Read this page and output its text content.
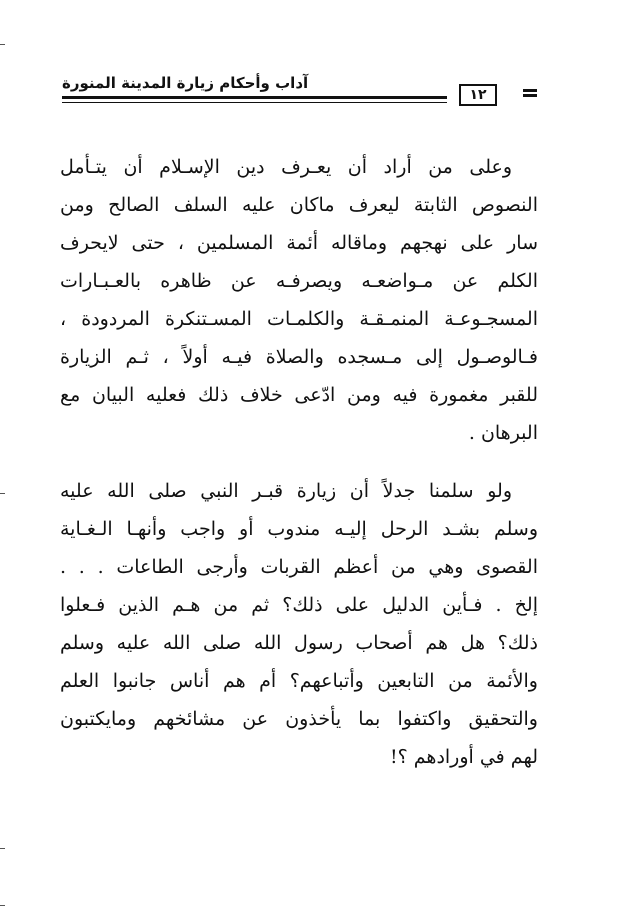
آداب وأحكام زيارة المدينة المنورة
١٢

وعلى من أراد أن يعـرف دين الإسـلام أن يتـأمل
النصوص الثابتة ليعرف ماكان عليه السلف الصالح ومن
سار على نهجهم وماقاله أئمة المسلمين ، حتى لايحرف
الكلم عن مـواضعـه ويصرفـه عن ظاهره بالعـبـارات
المسجـوعـة المنمـقـة والكلمـات المسـتنكرة المردودة ،
فـالوصـول إلى مـسجده والصلاة فيـه أولاً ، ثـم الزيارة
للقبر مغمورة فيه ومن ادّعى خلاف ذلك فعليه البيان مع
البرهان .

ولو سلمنا جدلاً أن زيارة قبـر النبي صلى الله عليه
وسلم بشـد الرحل إليـه مندوب أو واجب وأنهـا الـغـاية
القصوى وهي من أعظم القربات وأرجى الطاعات . . .
إلخ . فـأين الدليل على ذلك؟ ثم من هـم الذين فـعلوا
ذلك؟ هل هم أصحاب رسول الله صلى الله عليه وسلم
والأئمة من التابعين وأتباعهم؟ أم هم أناس جانبوا العلم
والتحقيق واكتفوا بما يأخذون عن مشائخهم ومايكتبون
لهم في أورادهم ؟!
